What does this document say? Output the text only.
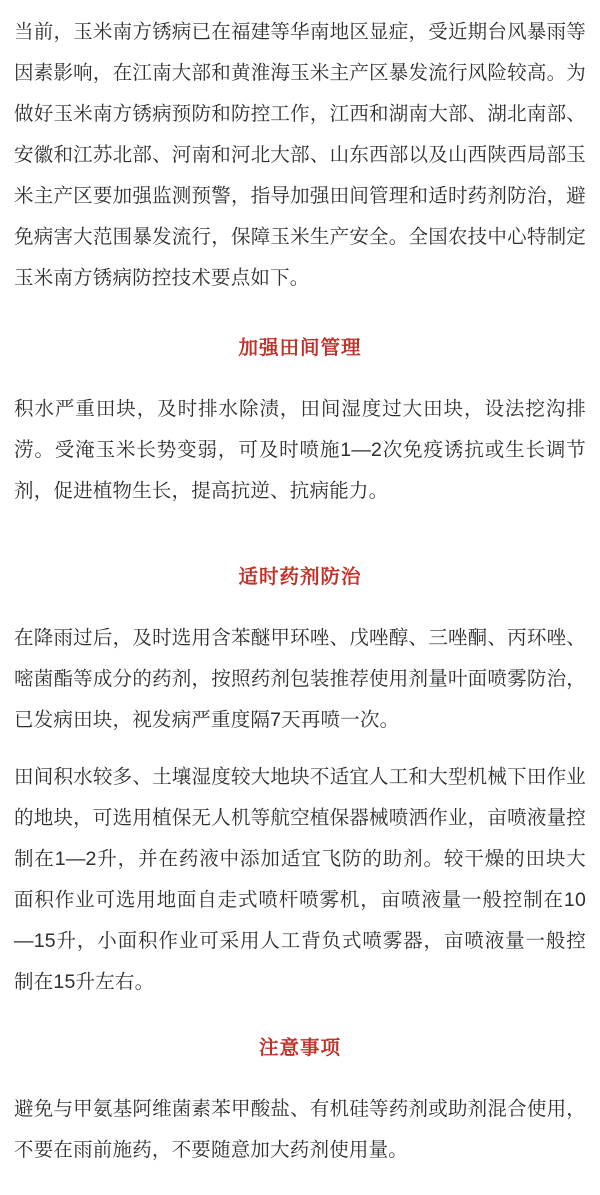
当前，玉米南方锈病已在福建等华南地区显症，受近期台风暴雨等因素影响，在江南大部和黄淮海玉米主产区暴发流行风险较高。为做好玉米南方锈病预防和防控工作，江西和湖南大部、湖北南部、安徽和江苏北部、河南和河北大部、山东西部以及山西陕西局部玉米主产区要加强监测预警，指导加强田间管理和适时药剂防治，避免病害大范围暴发流行，保障玉米生产安全。全国农技中心特制定玉米南方锈病防控技术要点如下。

加强田间管理

积水严重田块，及时排水除渍，田间湿度过大田块，设法挖沟排涝。受淹玉米长势变弱，可及时喷施1—2次免疫诱抗或生长调节剂，促进植物生长，提高抗逆、抗病能力。

适时药剂防治

在降雨过后，及时选用含苯醚甲环唑、戊唑醇、三唑酮、丙环唑、嘧菌酯等成分的药剂，按照药剂包装推荐使用剂量叶面喷雾防治，已发病田块，视发病严重度隔7天再喷一次。

田间积水较多、土壤湿度较大地块不适宜人工和大型机械下田作业的地块，可选用植保无人机等航空植保器械喷洒作业，亩喷液量控制在1—2升，并在药液中添加适宜飞防的助剂。较干燥的田块大面积作业可选用地面自走式喷杆喷雾机，亩喷液量一般控制在10—15升，小面积作业可采用人工背负式喷雾器，亩喷液量一般控制在15升左右。

注意事项

避免与甲氨基阿维菌素苯甲酸盐、有机硅等药剂或助剂混合使用，不要在雨前施药，不要随意加大药剂使用量。
